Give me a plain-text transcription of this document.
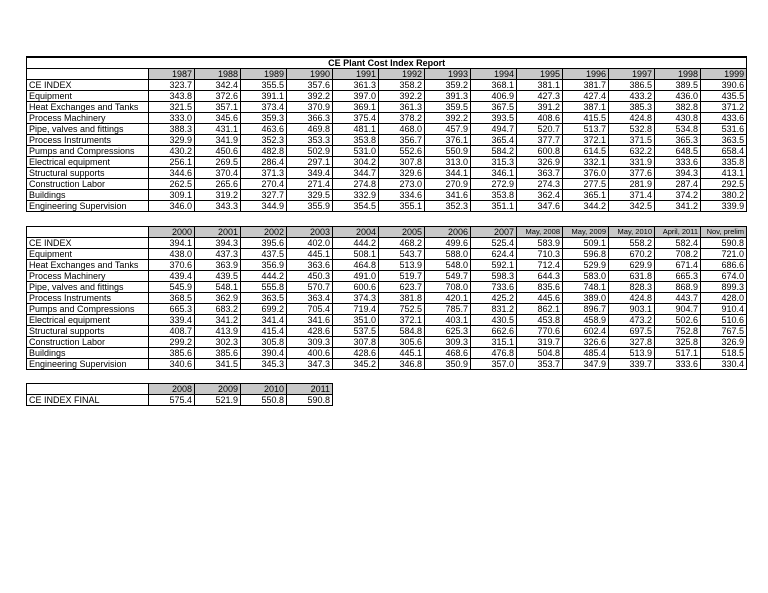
CE Plant Cost Index Report													
	1987	1988	1989	1990	1991	1992	1993	1994	1995	1996	1997	1998	1999
CE INDEX	323.7	342.4	355.5	357.6	361.3	358.2	359.2	368.1	381.1	381.7	386.5	389.5	390.6
Equipment	343.8	372.6	391.1	392.2	397.0	392.2	391.3	406.9	427.3	427.4	433.2	436.0	435.5
Heat Exchanges and Tanks	321.5	357.1	373.4	370.9	369.1	361.3	359.5	367.5	391.2	387.1	385.3	382.8	371.2
Process Machinery	333.0	345.6	359.3	366.3	375.4	378.2	392.2	393.5	408.6	415.5	424.8	430.8	433.6
Pipe, valves and fittings	388.3	431.1	463.6	469.8	481.1	468.0	457.9	494.7	520.7	513.7	532.8	534.8	531.6
Process Instruments	329.9	341.9	352.3	353.3	353.8	356.7	376.1	365.4	377.7	372.1	371.5	365.3	363.5
Pumps and Compressions	430.2	450.6	482.8	502.9	531.0	552.6	550.9	584.2	600.8	614.5	632.2	648.5	658.4
Electrical equipment	256.1	269.5	286.4	297.1	304.2	307.8	313.0	315.3	326.9	332.1	331.9	333.6	335.8
Structural supports	344.6	370.4	371.3	349.4	344.7	329.6	344.1	346.1	363.7	376.0	377.6	394.3	413.1
Construction Labor	262.5	265.6	270.4	271.4	274.8	273.0	270.9	272.9	274.3	277.5	281.9	287.4	292.5
Buildings	309.1	319.2	327.7	329.5	332.9	334.6	341.6	353.8	362.4	365.1	371.4	374.2	380.2
Engineering Supervision	346.0	343.3	344.9	355.9	354.5	355.1	352.3	351.1	347.6	344.2	342.5	341.2	339.9
	2000	2001	2002	2003	2004	2005	2006	2007	May, 2008	May, 2009	May, 2010	April, 2011	Nov, prelim
CE INDEX	394.1	394.3	395.6	402.0	444.2	468.2	499.6	525.4	583.9	509.1	558.2	582.4	590.8
Equipment	438.0	437.3	437.5	445.1	508.1	543.7	588.0	624.4	710.3	596.8	670.2	708.2	721.0
Heat Exchanges and Tanks	370.6	363.9	356.9	363.6	464.8	513.9	548.0	592.1	712.4	529.9	629.9	671.4	686.6
Process Machinery	439.4	439.5	444.2	450.3	491.0	519.7	549.7	598.3	644.3	583.0	631.8	665.3	674.0
Pipe, valves and fittings	545.9	548.1	555.8	570.7	600.6	623.7	708.0	733.6	835.6	748.1	828.3	868.9	899.3
Process Instruments	368.5	362.9	363.5	363.4	374.3	381.8	420.1	425.2	445.6	389.0	424.8	443.7	428.0
Pumps and Compressions	665.3	683.2	699.2	705.4	719.4	752.5	785.7	831.2	862.1	896.7	903.1	904.7	910.4
Electrical equipment	339.4	341.2	341.4	341.6	351.0	372.1	403.1	430.5	453.8	458.9	473.2	502.6	510.6
Structural supports	408.7	413.9	415.4	428.6	537.5	584.8	625.3	662.6	770.6	602.4	697.5	752.8	767.5
Construction Labor	299.2	302.3	305.8	309.3	307.8	305.6	309.3	315.1	319.7	326.6	327.8	325.8	326.9
Buildings	385.6	385.6	390.4	400.6	428.6	445.1	468.6	476.8	504.8	485.4	513.9	517.1	518.5
Engineering Supervision	340.6	341.5	345.3	347.3	345.2	346.8	350.9	357.0	353.7	347.9	339.7	333.6	330.4
	2008	2009	2010	2011
CE INDEX FINAL	575.4	521.9	550.8	590.8
